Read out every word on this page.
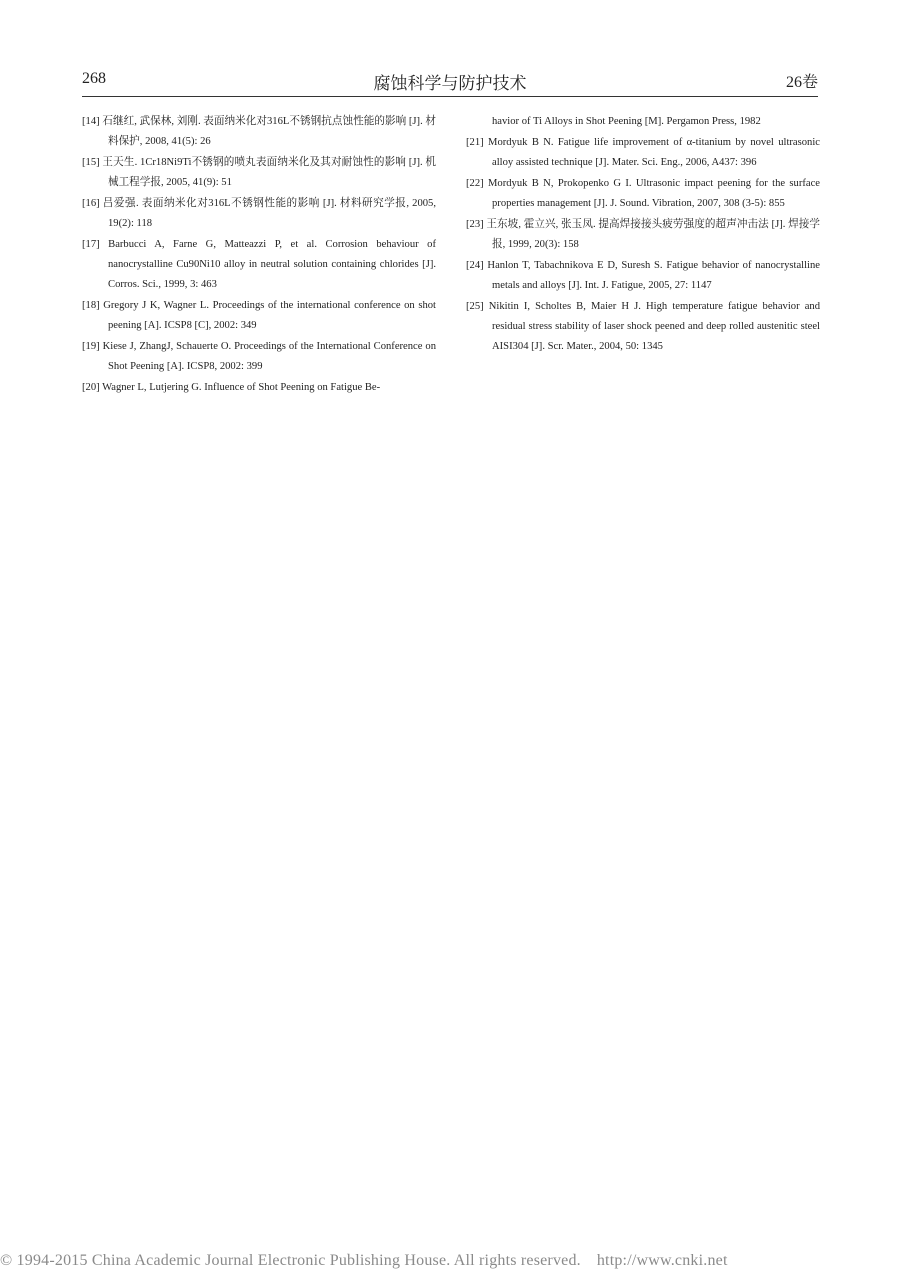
268	腐蚀科学与防护技术	26卷

[14] 石继红, 武保林, 刘刚. 表面纳米化对316L不锈钢抗点蚀性能的影响 [J]. 材料保护, 2008, 41(5): 26

[15] 王天生. 1Cr18Ni9Ti不锈钢的喷丸表面纳米化及其对耐蚀性的影响 [J]. 机械工程学报, 2005, 41(9): 51

[16] 吕爱强. 表面纳米化对316L不锈钢性能的影响 [J]. 材料研究学报, 2005, 19(2): 118

[17] Barbucci A, Farne G, Matteazzi P, et al. Corrosion behaviour of nanocrystalline Cu90Ni10 alloy in neutral solution containing chlorides [J]. Corros. Sci., 1999, 3: 463

[18] Gregory J K, Wagner L. Proceedings of the international conference on shot peening [A]. ICSP8 [C], 2002: 349

[19] Kiese J, ZhangJ, Schauerte O. Proceedings of the International Conference on Shot Peening [A]. ICSP8, 2002: 399

[20] Wagner L, Lutjering G. Influence of Shot Peening on Fatigue Be-

havior of Ti Alloys in Shot Peening [M]. Pergamon Press, 1982

[21] Mordyuk B N. Fatigue life improvement of α-titanium by novel ultrasonic alloy assisted technique [J]. Mater. Sci. Eng., 2006, A437: 396

[22] Mordyuk B N, Prokopenko G I. Ultrasonic impact peening for the surface properties management [J]. J. Sound. Vibration, 2007, 308 (3-5): 855

[23] 王东坡, 霍立兴, 张玉凤. 提高焊接接头疲劳强度的超声冲击法 [J]. 焊接学报, 1999, 20(3): 158

[24] Hanlon T, Tabachnikova E D, Suresh S. Fatigue behavior of nanocrystalline metals and alloys [J]. Int. J. Fatigue, 2005, 27: 1147

[25] Nikitin I, Scholtes B, Maier H J. High temperature fatigue behavior and residual stress stability of laser shock peened and deep rolled austenitic steel AISI304 [J]. Scr. Mater., 2004, 50: 1345

© 1994-2015 China Academic Journal Electronic Publishing House. All rights reserved. http://www.cnki.net
